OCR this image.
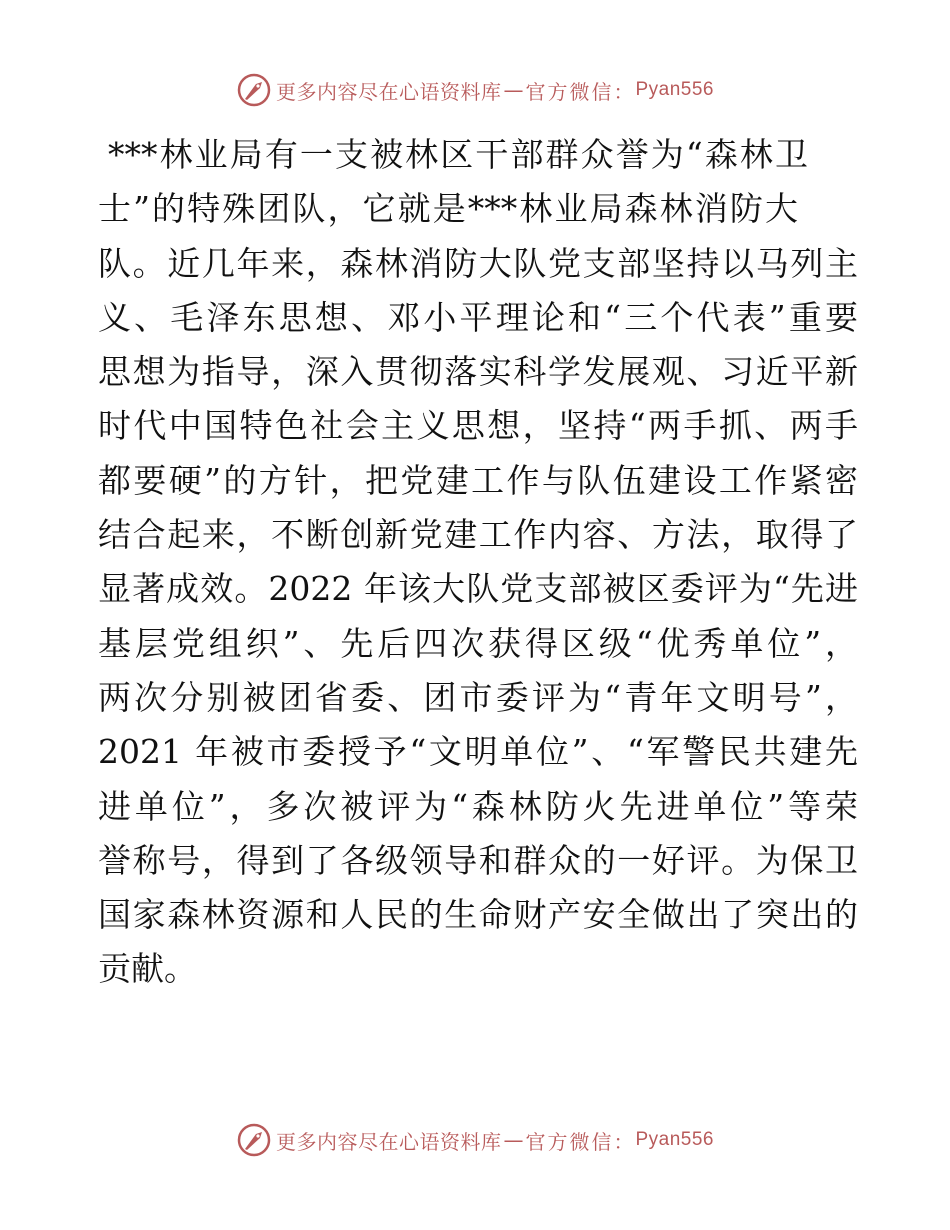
更多内容尽在心语资料库 — 官方微信： Pyan556
***林业局有一支被林区干部群众誉为“森林卫
士”的特殊团队，它就是***林业局森林消防大
队。近几年来，森林消防大队党支部坚持以马列主
义、毛泽东思想、邓小平理论和“三个代表”重要
思想为指导，深入贯彻落实科学发展观、习近平新
时代中国特色社会主义思想，坚持“两手抓、两手
都要硬”的方针，把党建工作与队伍建设工作紧密
结合起来，不断创新党建工作内容、方法，取得了
显著成效。2022 年该大队党支部被区委评为“先进
基层党组织”、先后四次获得区级“优秀单位”，
两次分别被团省委、团市委评为“青年文明号”，
2021 年被市委授予“文明单位”、“军警民共建先
进单位”，多次被评为“森林防火先进单位”等荣
誉称号，得到了各级领导和群众的一好评。为保卫
国家森林资源和人民的生命财产安全做出了突出的
贡献。
更多内容尽在心语资料库 — 官方微信： Pyan556
